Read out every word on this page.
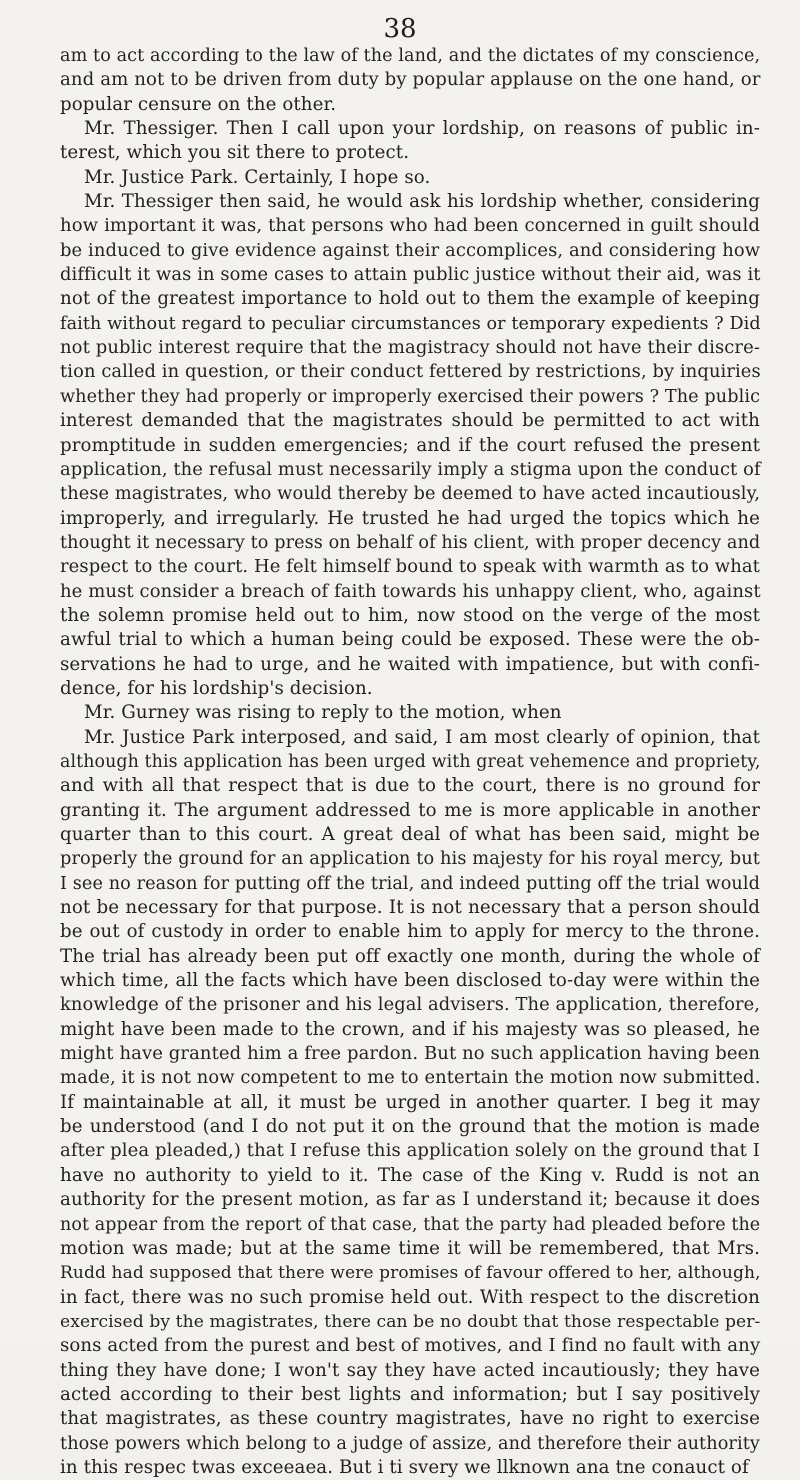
38
am to act according to the law of the land, and the dictates of my conscience,
and am not to be driven from duty by popular applause on the one hand, or
popular censure on the other.
Mr. Thessiger. Then I call upon your lordship, on reasons of public in-
terest, which you sit there to protect.
Mr. Justice Park. Certainly, I hope so.
Mr. Thessiger then said, he would ask his lordship whether, considering
how important it was, that persons who had been concerned in guilt should
be induced to give evidence against their accomplices, and considering how
difficult it was in some cases to attain public justice without their aid, was it
not of the greatest importance to hold out to them the example of keeping
faith without regard to peculiar circumstances or temporary expedients ? Did
not public interest require that the magistracy should not have their discre-
tion called in question, or their conduct fettered by restrictions, by inquiries
whether they had properly or improperly exercised their powers ? The public
interest demanded that the magistrates should be permitted to act with
promptitude in sudden emergencies; and if the court refused the present
application, the refusal must necessarily imply a stigma upon the conduct of
these magistrates, who would thereby be deemed to have acted incautiously,
improperly, and irregularly. He trusted he had urged the topics which he
thought it necessary to press on behalf of his client, with proper decency and
respect to the court. He felt himself bound to speak with warmth as to what
he must consider a breach of faith towards his unhappy client, who, against
the solemn promise held out to him, now stood on the verge of the most
awful trial to which a human being could be exposed. These were the ob-
servations he had to urge, and he waited with impatience, but with confi-
dence, for his lordship's decision.
Mr. Gurney was rising to reply to the motion, when
Mr. Justice Park interposed, and said, I am most clearly of opinion, that
although this application has been urged with great vehemence and propriety,
and with all that respect that is due to the court, there is no ground for
granting it. The argument addressed to me is more applicable in another
quarter than to this court. A great deal of what has been said, might be
properly the ground for an application to his majesty for his royal mercy, but
I see no reason for putting off the trial, and indeed putting off the trial would
not be necessary for that purpose. It is not necessary that a person should
be out of custody in order to enable him to apply for mercy to the throne.
The trial has already been put off exactly one month, during the whole of
which time, all the facts which have been disclosed to-day were within the
knowledge of the prisoner and his legal advisers. The application, therefore,
might have been made to the crown, and if his majesty was so pleased, he
might have granted him a free pardon. But no such application having been
made, it is not now competent to me to entertain the motion now submitted.
If maintainable at all, it must be urged in another quarter. I beg it may
be understood (and I do not put it on the ground that the motion is made
after plea pleaded,) that I refuse this application solely on the ground that I
have no authority to yield to it. The case of the King v. Rudd is not an
authority for the present motion, as far as I understand it; because it does
not appear from the report of that case, that the party had pleaded before the
motion was made; but at the same time it will be remembered, that Mrs.
Rudd had supposed that there were promises of favour offered to her, although,
in fact, there was no such promise held out. With respect to the discretion
exercised by the magistrates, there can be no doubt that those respectable per-
sons acted from the purest and best of motives, and I find no fault with any
thing they have done; I won't say they have acted incautiously; they have
acted according to their best lights and information; but I say positively
that magistrates, as these country magistrates, have no right to exercise
those powers which belong to a judge of assize, and therefore their authority
in this respec twas exceeaea. But i ti svery we llknown ana tne conauct of
